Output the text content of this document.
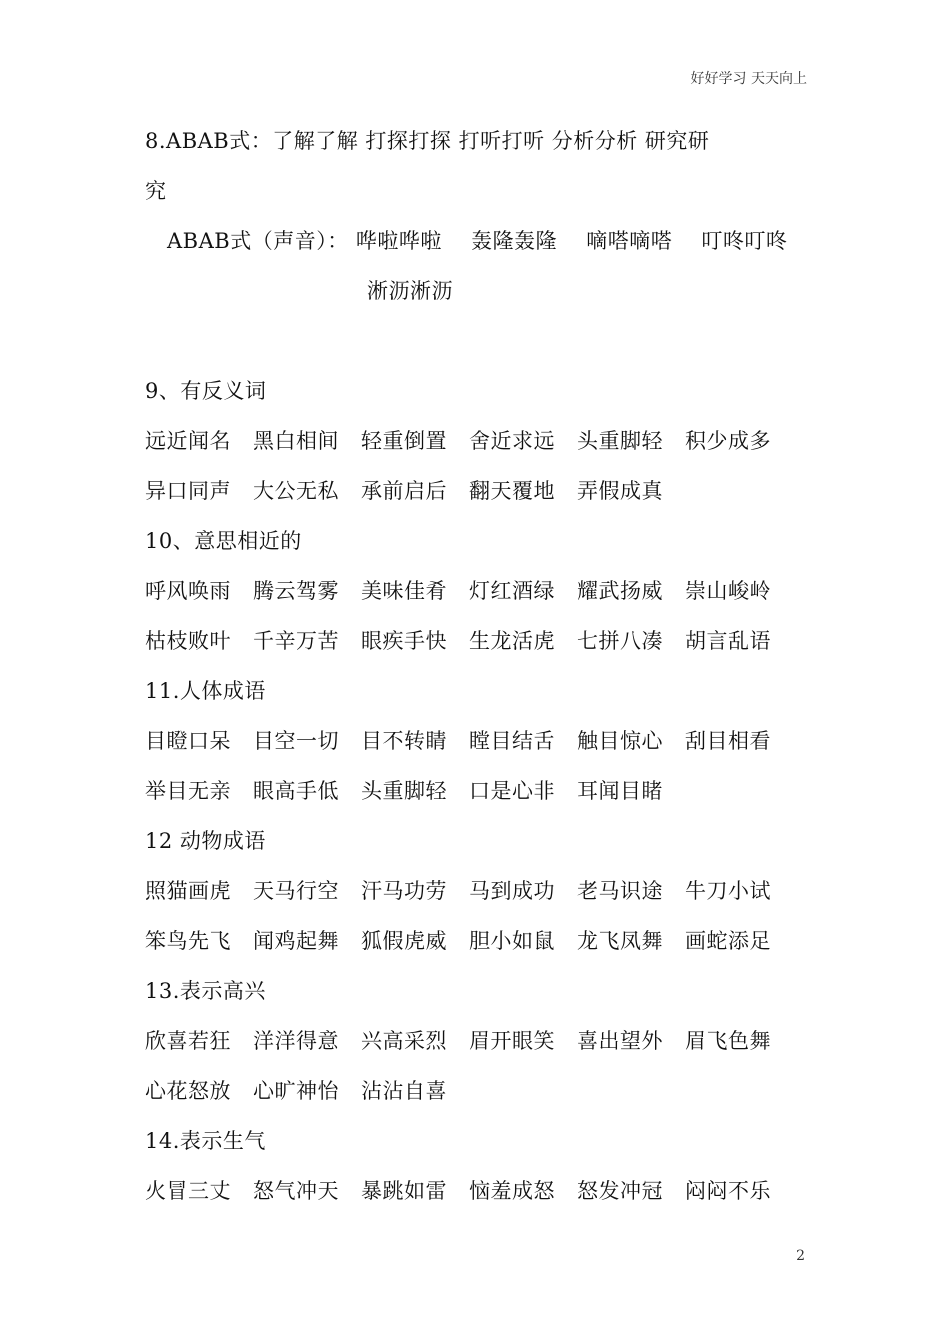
好好学习 天天向上
8.ABAB式：了解了解 打探打探 打听打听 分析分析 研究研
究
ABAB式（声音）： 哗啦哗啦 轰隆轰隆 嘀嗒嘀嗒 叮咚叮咚
淅沥淅沥
9、有反义词
远近闻名 黑白相间 轻重倒置 舍近求远 头重脚轻 积少成多
异口同声 大公无私 承前启后 翻天覆地 弄假成真
10、意思相近的
呼风唤雨 腾云驾雾 美味佳肴 灯红酒绿 耀武扬威 崇山峻岭
枯枝败叶 千辛万苦 眼疾手快 生龙活虎 七拼八凑 胡言乱语
11.人体成语
目瞪口呆 目空一切 目不转睛 瞠目结舌 触目惊心 刮目相看
举目无亲 眼高手低 头重脚轻 口是心非 耳闻目睹
12 动物成语
照猫画虎 天马行空 汗马功劳 马到成功 老马识途 牛刀小试
笨鸟先飞 闻鸡起舞 狐假虎威 胆小如鼠 龙飞凤舞 画蛇添足
13.表示高兴
欣喜若狂 洋洋得意 兴高采烈 眉开眼笑 喜出望外 眉飞色舞
心花怒放 心旷神怡 沾沾自喜
14.表示生气
火冒三丈 怒气冲天 暴跳如雷 恼羞成怒 怒发冲冠 闷闷不乐
2
